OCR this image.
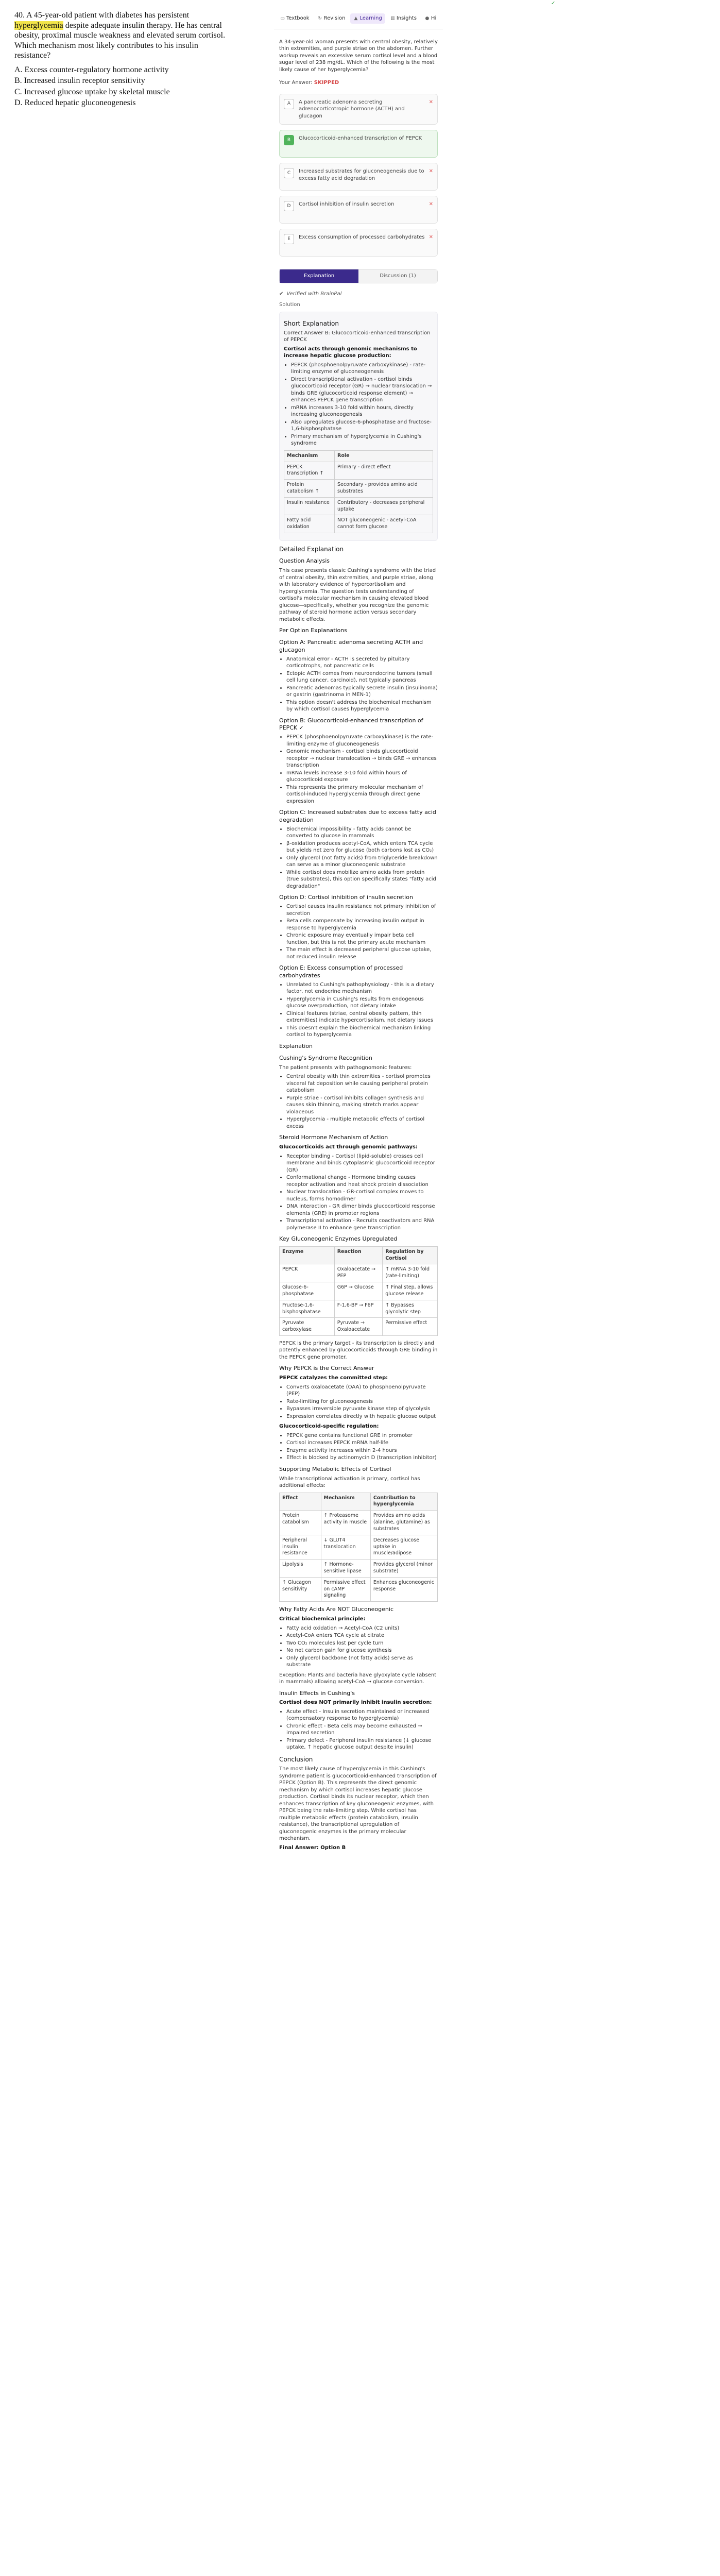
40. A 45-year-old patient with diabetes has persistent hyperglycemia despite adequate insulin therapy. He has central obesity, proximal muscle weakness and elevated serum cortisol. Which mechanism most likely contributes to his insulin resistance?
A. Excess counter-regulatory hormone activity
B. Increased insulin receptor sensitivity
C. Increased glucose uptake by skeletal muscle
D. Reduced hepatic gluconeogenesis
▭ Textbook ↻ Revision ▲ Learning ▥ Insights ● Hi
A 34-year-old woman presents with central obesity, relatively thin extremities, and purple striae on the abdomen. Further workup reveals an excessive serum cortisol level and a blood sugar level of 238 mg/dL. Which of the following is the most likely cause of her hyperglycemia?
Your Answer: SKIPPED
A	A pancreatic adenoma secreting adrenocorticotropic hormone (ACTH) and glucagon
✕
B	Glucocorticoid-enhanced transcription of PEPCK
✓
C	Increased substrates for gluconeogenesis due to excess fatty acid degradation
✕
D	Cortisol inhibition of insulin secretion	✕
E	Excess consumption of processed carbohydrates ✕
Explanation	Discussion (1)
✔ Verified with BrainPal
Solution
Short Explanation

Correct Answer B: Glucocorticoid-enhanced transcription of PEPCK

Cortisol acts through genomic mechanisms to increase hepatic glucose production:

• PEPCK (phosphoenolpyruvate carboxykinase) - rate-limiting enzyme of gluconeogenesis
• Direct transcriptional activation - cortisol binds glucocorticoid receptor (GR) → nuclear translocation → binds GRE (glucocorticoid response element) → enhances PEPCK gene transcription
• mRNA increases 3-10 fold within hours, directly increasing gluconeogenesis
• Also upregulates glucose-6-phosphatase and fructose-1,6-bisphosphatase
• Primary mechanism of hyperglycemia in Cushing's syndrome
Mechanism	Role
PEPCK transcription ↑	Primary - direct effect
Protein catabolism ↑	Secondary - provides amino acid substrates
Insulin resistance	Contributory - decreases peripheral uptake
Fatty acid oxidation	NOT gluconeogenic - acetyl-CoA cannot form glucose
Detailed Explanation
Question Analysis

This case presents classic Cushing's syndrome with the triad of central obesity, thin extremities, and purple striae, along with laboratory evidence of hypercortisolism and hyperglycemia. The question tests understanding of cortisol's molecular mechanism in causing elevated blood glucose—specifically, whether you recognize the genomic pathway of steroid hormone action versus secondary metabolic effects.

Per Option Explanations
Option A: Pancreatic adenoma secreting ACTH and glucagon
• Anatomical error - ACTH is secreted by pituitary corticotrophs, not pancreatic cells
• Ectopic ACTH comes from neuroendocrine tumors (small cell lung cancer, carcinoid), not typically pancreas
• Pancreatic adenomas typically secrete insulin (insulinoma) or gastrin (gastrinoma in MEN-1)
• This option doesn't address the biochemical mechanism by which cortisol causes hyperglycemia
Option B: Glucocorticoid-enhanced transcription of PEPCK ✓
• PEPCK (phosphoenolpyruvate carboxykinase) is the rate-limiting enzyme of gluconeogenesis
• Genomic mechanism - cortisol binds glucocorticoid receptor → nuclear translocation → binds GRE → enhances transcription
• mRNA levels increase 3-10 fold within hours of glucocorticoid exposure
• This represents the primary molecular mechanism of cortisol-induced hyperglycemia through direct gene expression
Option C: Increased substrates due to excess fatty acid degradation
• Biochemical impossibility - fatty acids cannot be converted to glucose in mammals
• β-oxidation produces acetyl-CoA, which enters TCA cycle but yields net zero for glucose (both carbons lost as CO₂)
• Only glycerol (not fatty acids) from triglyceride breakdown can serve as a minor gluconeogenic substrate
• While cortisol does mobilize amino acids from protein (true substrates), this option specifically states "fatty acid degradation"
Option D: Cortisol inhibition of insulin secretion
• Cortisol causes insulin resistance not primary inhibition of secretion
• Beta cells compensate by increasing insulin output in response to hyperglycemia
• Chronic exposure may eventually impair beta cell function, but this is not the primary acute mechanism
• The main effect is decreased peripheral glucose uptake, not reduced insulin release
Option E: Excess consumption of processed carbohydrates
• Unrelated to Cushing's pathophysiology - this is a dietary factor, not endocrine mechanism
• Hyperglycemia in Cushing's results from endogenous glucose overproduction, not dietary intake
• Clinical features (striae, central obesity pattern, thin extremities) indicate hypercortisolism, not dietary issues
• This doesn't explain the biochemical mechanism linking cortisol to hyperglycemia
Explanation
Cushing's Syndrome Recognition

The patient presents with pathognomonic features:

• Central obesity with thin extremities - cortisol promotes visceral fat deposition while causing peripheral protein catabolism
• Purple striae - cortisol inhibits collagen synthesis and causes skin thinning, making stretch marks appear violaceous
• Hyperglycemia - multiple metabolic effects of cortisol excess
Steroid Hormone Mechanism of Action

Glucocorticoids act through genomic pathways:

• Receptor binding - Cortisol (lipid-soluble) crosses cell membrane and binds cytoplasmic glucocorticoid receptor (GR)
• Conformational change - Hormone binding causes receptor activation and heat shock protein dissociation
• Nuclear translocation - GR-cortisol complex moves to nucleus, forms homodimer
• DNA interaction - GR dimer binds glucocorticoid response elements (GRE) in promoter regions
• Transcriptional activation - Recruits coactivators and RNA polymerase II to enhance gene transcription
Key Gluconeogenic Enzymes Upregulated
Enzyme	Reaction	Regulation by Cortisol
PEPCK	Oxaloacetate → PEP	↑ mRNA 3-10 fold (rate-limiting)
Glucose-6-phosphatase	G6P → Glucose	↑ Final step, allows glucose release
Fructose-1,6-bisphosphatase	F-1,6-BP → F6P	↑ Bypasses glycolytic step
Pyruvate carboxylase	Pyruvate → Oxaloacetate	Permissive effect

PEPCK is the primary target - its transcription is directly and potently enhanced by glucocorticoids through GRE binding in the PEPCK gene promoter.

Why PEPCK is the Correct Answer

PEPCK catalyzes the committed step:

• Converts oxaloacetate (OAA) to phosphoenolpyruvate (PEP)
• Rate-limiting for gluconeogenesis
• Bypasses irreversible pyruvate kinase step of glycolysis
• Expression correlates directly with hepatic glucose output

Glucocorticoid-specific regulation:

• PEPCK gene contains functional GRE in promoter
• Cortisol increases PEPCK mRNA half-life
• Enzyme activity increases within 2-4 hours
• Effect is blocked by actinomycin D (transcription inhibitor)
Supporting Metabolic Effects of Cortisol

While transcriptional activation is primary, cortisol has additional effects:

Effect	Mechanism	Contribution to hyperglycemia
Protein catabolism	↑ Proteasome activity in muscle	Provides amino acids (alanine, glutamine) as substrates
Peripheral insulin resistance	↓ GLUT4 translocation	Decreases glucose uptake in muscle/adipose
Lipolysis	↑ Hormone-sensitive lipase	Provides glycerol (minor substrate)
↑ Glucagon sensitivity	Permissive effect on cAMP signaling	Enhances gluconeogenic response
Why Fatty Acids Are NOT Gluconeogenic

Critical biochemical principle:

• Fatty acid oxidation → Acetyl-CoA (C2 units)
• Acetyl-CoA enters TCA cycle at citrate
• Two CO₂ molecules lost per cycle turn
• No net carbon gain for glucose synthesis
• Only glycerol backbone (not fatty acids) serve as substrate

Exception: Plants and bacteria have glyoxylate cycle (absent in mammals) allowing acetyl-CoA → glucose conversion.

Insulin Effects in Cushing's

Cortisol does NOT primarily inhibit insulin secretion:

• Acute effect - Insulin secretion maintained or increased (compensatory response to hyperglycemia)
• Chronic effect - Beta cells may become exhausted → impaired secretion
• Primary defect - Peripheral insulin resistance (↓ glucose uptake, ↑ hepatic glucose output despite insulin)
Conclusion

The most likely cause of hyperglycemia in this Cushing's syndrome patient is glucocorticoid-enhanced transcription of PEPCK (Option B). This represents the direct genomic mechanism by which cortisol increases hepatic glucose production. Cortisol binds its nuclear receptor, which then enhances transcription of key gluconeogenic enzymes, with PEPCK being the rate-limiting step. While cortisol has multiple metabolic effects (protein catabolism, insulin resistance), the transcriptional upregulation of gluconeogenic enzymes is the primary molecular mechanism.

Final Answer: Option B
